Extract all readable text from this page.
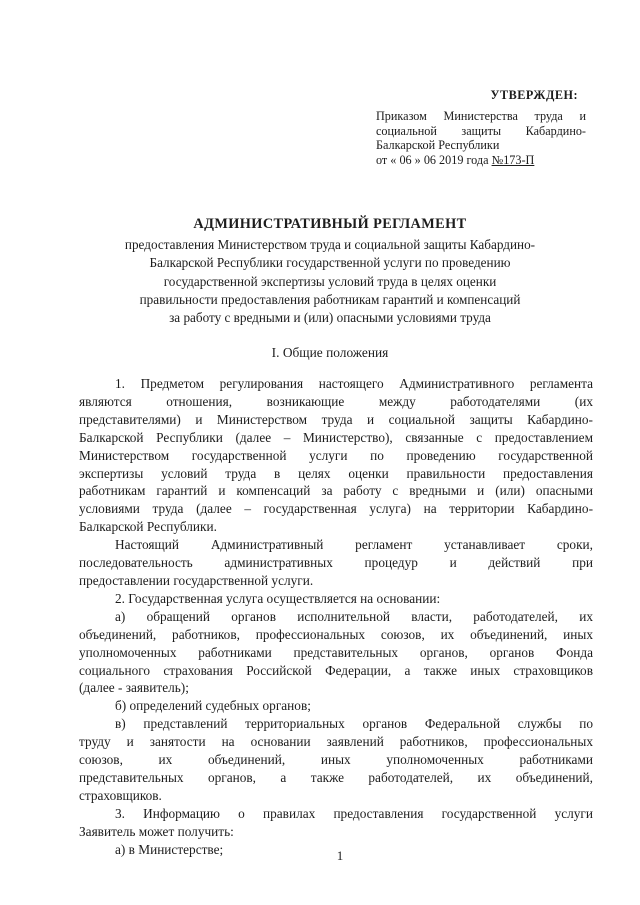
УТВЕРЖДЕН:
Приказом Министерства труда и
социальной защиты Кабардино-
Балкарской Республики
от « 06 » 06 2019 года №173-П
АДМИНИСТРАТИВНЫЙ РЕГЛАМЕНТ
предоставления Министерством труда и социальной защиты Кабардино-
Балкарской Республики государственной услуги по проведению
государственной экспертизы условий труда в целях оценки
правильности предоставления работникам гарантий и компенсаций
за работу с вредными и (или) опасными условиями труда
I. Общие положения
1. Предметом регулирования настоящего Административного регламента
являются отношения, возникающие между работодателями (их
представителями) и Министерством труда и социальной защиты Кабардино-
Балкарской Республики (далее – Министерство), связанные с предоставлением
Министерством государственной услуги по проведению государственной
экспертизы условий труда в целях оценки правильности предоставления
работникам гарантий и компенсаций за работу с вредными и (или) опасными
условиями труда (далее – государственная услуга) на территории Кабардино-
Балкарской Республики.
Настоящий Административный регламент устанавливает сроки,
последовательность административных процедур и действий при
предоставлении государственной услуги.
2. Государственная услуга осуществляется на основании:
а) обращений органов исполнительной власти, работодателей, их
объединений, работников, профессиональных союзов, их объединений, иных
уполномоченных работниками представительных органов, органов Фонда
социального страхования Российской Федерации, а также иных страховщиков
(далее - заявитель);
б) определений судебных органов;
в) представлений территориальных органов Федеральной службы по
труду и занятости на основании заявлений работников, профессиональных
союзов, их объединений, иных уполномоченных работниками
представительных органов, а также работодателей, их объединений,
страховщиков.
3. Информацию о правилах предоставления государственной услуги
Заявитель может получить:
а) в Министерстве;	1
